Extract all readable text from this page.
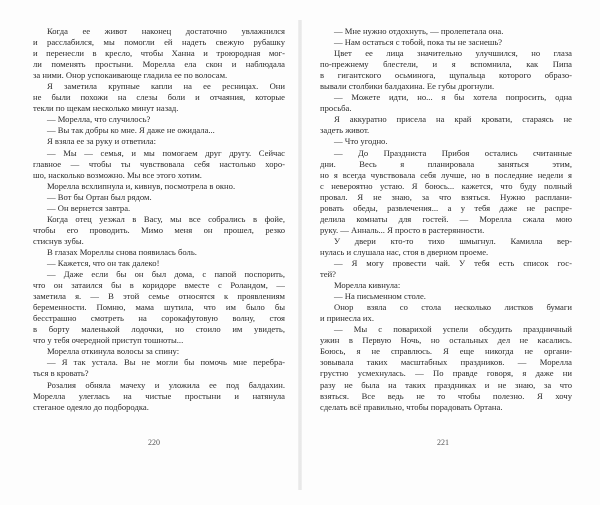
Когда ее живот наконец достаточно увлажнился
и расслабился, мы помогли ей надеть свежую рубашку
и перенесли в кресло, чтобы Ханна и троюродная мог-
ли поменять простыни. Морелла ела скон и наблюдала
за ними. Онор успокаивающе гладила ее по волосам.
Я заметила крупные капли на ее ресницах. Они
не были похожи на слезы боли и отчаяния, которые
текли по щекам несколько минут назад.
— Морелла, что случилось?
— Вы так добры ко мне. Я даже не ожидала...
Я взяла ее за руку и ответила:
— Мы — семья, и мы помогаем друг другу. Сейчас
главное — чтобы ты чувствовала себя настолько хоро-
шо, насколько возможно. Мы все этого хотим.
Морелла всхлипнула и, кивнув, посмотрела в окно.
— Вот бы Ортан был рядом.
— Он вернется завтра.
Когда отец уезжал в Васу, мы все собрались в фойе,
чтобы его проводить. Мимо меня он прошел, резко
стиснув зубы.
В глазах Мореллы снова появилась боль.
— Кажется, что он так далеко!
— Даже если бы он был дома, с папой поспорить,
что он затаился бы в коридоре вместе с Роландом, —
заметила я. — В этой семье относятся к проявлениям
беременности. Помню, мама шутила, что им было бы
бесстрашно смотреть на сорокафутовую волну, стоя
в борту маленькой лодочки, но стоило им увидеть,
что у тебя очередной приступ тошноты...
Морелла откинула волосы за спину:
— Я так устала. Вы не могли бы помочь мне перебра-
ться в кровать?
Розалия обняла мачеху и уложила ее под балдахин.
Морелла улеглась на чистые простыни и натянула
стеганое одеяло до подбородка.
— Мне нужно отдохнуть, — пролепетала она.
— Нам остаться с тобой, пока ты не заснешь?
Цвет ее лица значительно улучшился, но глаза
по-прежнему блестели, и я вспомнила, как Пипа
в гигантского осьминога, щупальца которого образо-
вывали столбики балдахина. Ее губы дрогнули.
— Можете идти, но... я бы хотела попросить, одна
просьба.
Я аккуратно присела на край кровати, стараясь не
задеть живот.
— Что угодно.
— До Праздниста Прибоя остались считанные
дни. Весь я планировала заняться этим,
но я всегда чувствовала себя лучше, но в последние недели я
с невероятно устаю. Я боюсь... кажется, что буду полный
провал. Я не знаю, за что взяться. Нужно расплани-
ровать обеды, развлечения... а у тебя даже не распре-
делила комнаты для гостей. — Морелла сжала мою
руку. — Анналь... Я просто в растерянности.
У двери кто-то тихо шмыгнул. Камилла вер-
нулась и слушала нас, стоя в дверном проеме.
— Я могу провести чай. У тебя есть список гос-
тей?
Морелла кивнула:
— На письменном столе.
Онор взяла со стола несколько листков бумаги
и принесла их.
— Мы с поварихой успели обсудить праздничный
ужин в Первую Ночь, но остальных дел не касались.
Боюсь, я не справлюсь. Я еще никогда не органи-
зовывала таких масштабных праздников. — Морелла
грустно усмехнулась. — По правде говоря, я даже ни
разу не была на таких праздниках и не знаю, за что
взяться. Все ведь не то чтобы полезно. Я хочу
сделать всё правильно, чтобы порадовать Ортана.
220	221
